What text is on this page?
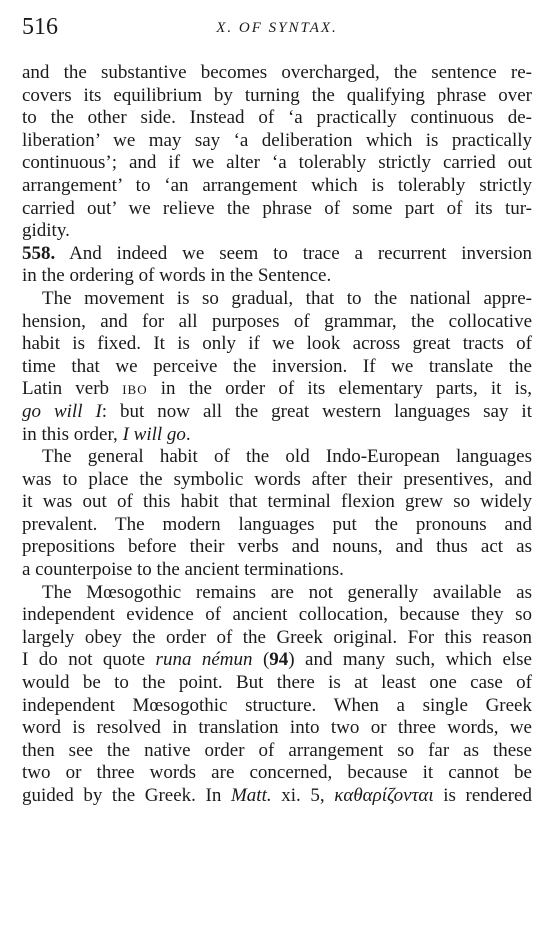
516	X. OF SYNTAX.
and the substantive becomes overcharged, the sentence re-
covers its equilibrium by turning the qualifying phrase over
to the other side. Instead of ‘a practically continuous de-
liberation’ we may say ‘a deliberation which is practically
continuous’; and if we alter ‘a tolerably strictly carried out
arrangement’ to ‘an arrangement which is tolerably strictly
carried out’ we relieve the phrase of some part of its tur-
gidity.
558. And indeed we seem to trace a recurrent inversion
in the ordering of words in the Sentence.
The movement is so gradual, that to the national appre-
hension, and for all purposes of grammar, the collocative
habit is fixed. It is only if we look across great tracts of
time that we perceive the inversion. If we translate the
Latin verb IBO in the order of its elementary parts, it is,
go will I: but now all the great western languages say it
in this order, I will go.
The general habit of the old Indo-European languages
was to place the symbolic words after their presentives, and
it was out of this habit that terminal flexion grew so widely
prevalent. The modern languages put the pronouns and
prepositions before their verbs and nouns, and thus act as
a counterpoise to the ancient terminations.
The Mœsogothic remains are not generally available as
independent evidence of ancient collocation, because they so
largely obey the order of the Greek original. For this reason
I do not quote runa némun (94) and many such, which else
would be to the point. But there is at least one case of
independent Mœsogothic structure. When a single Greek
word is resolved in translation into two or three words, we
then see the native order of arrangement so far as these
two or three words are concerned, because it cannot be
guided by the Greek. In Matt. xi. 5, καθαρίζονται is rendered
